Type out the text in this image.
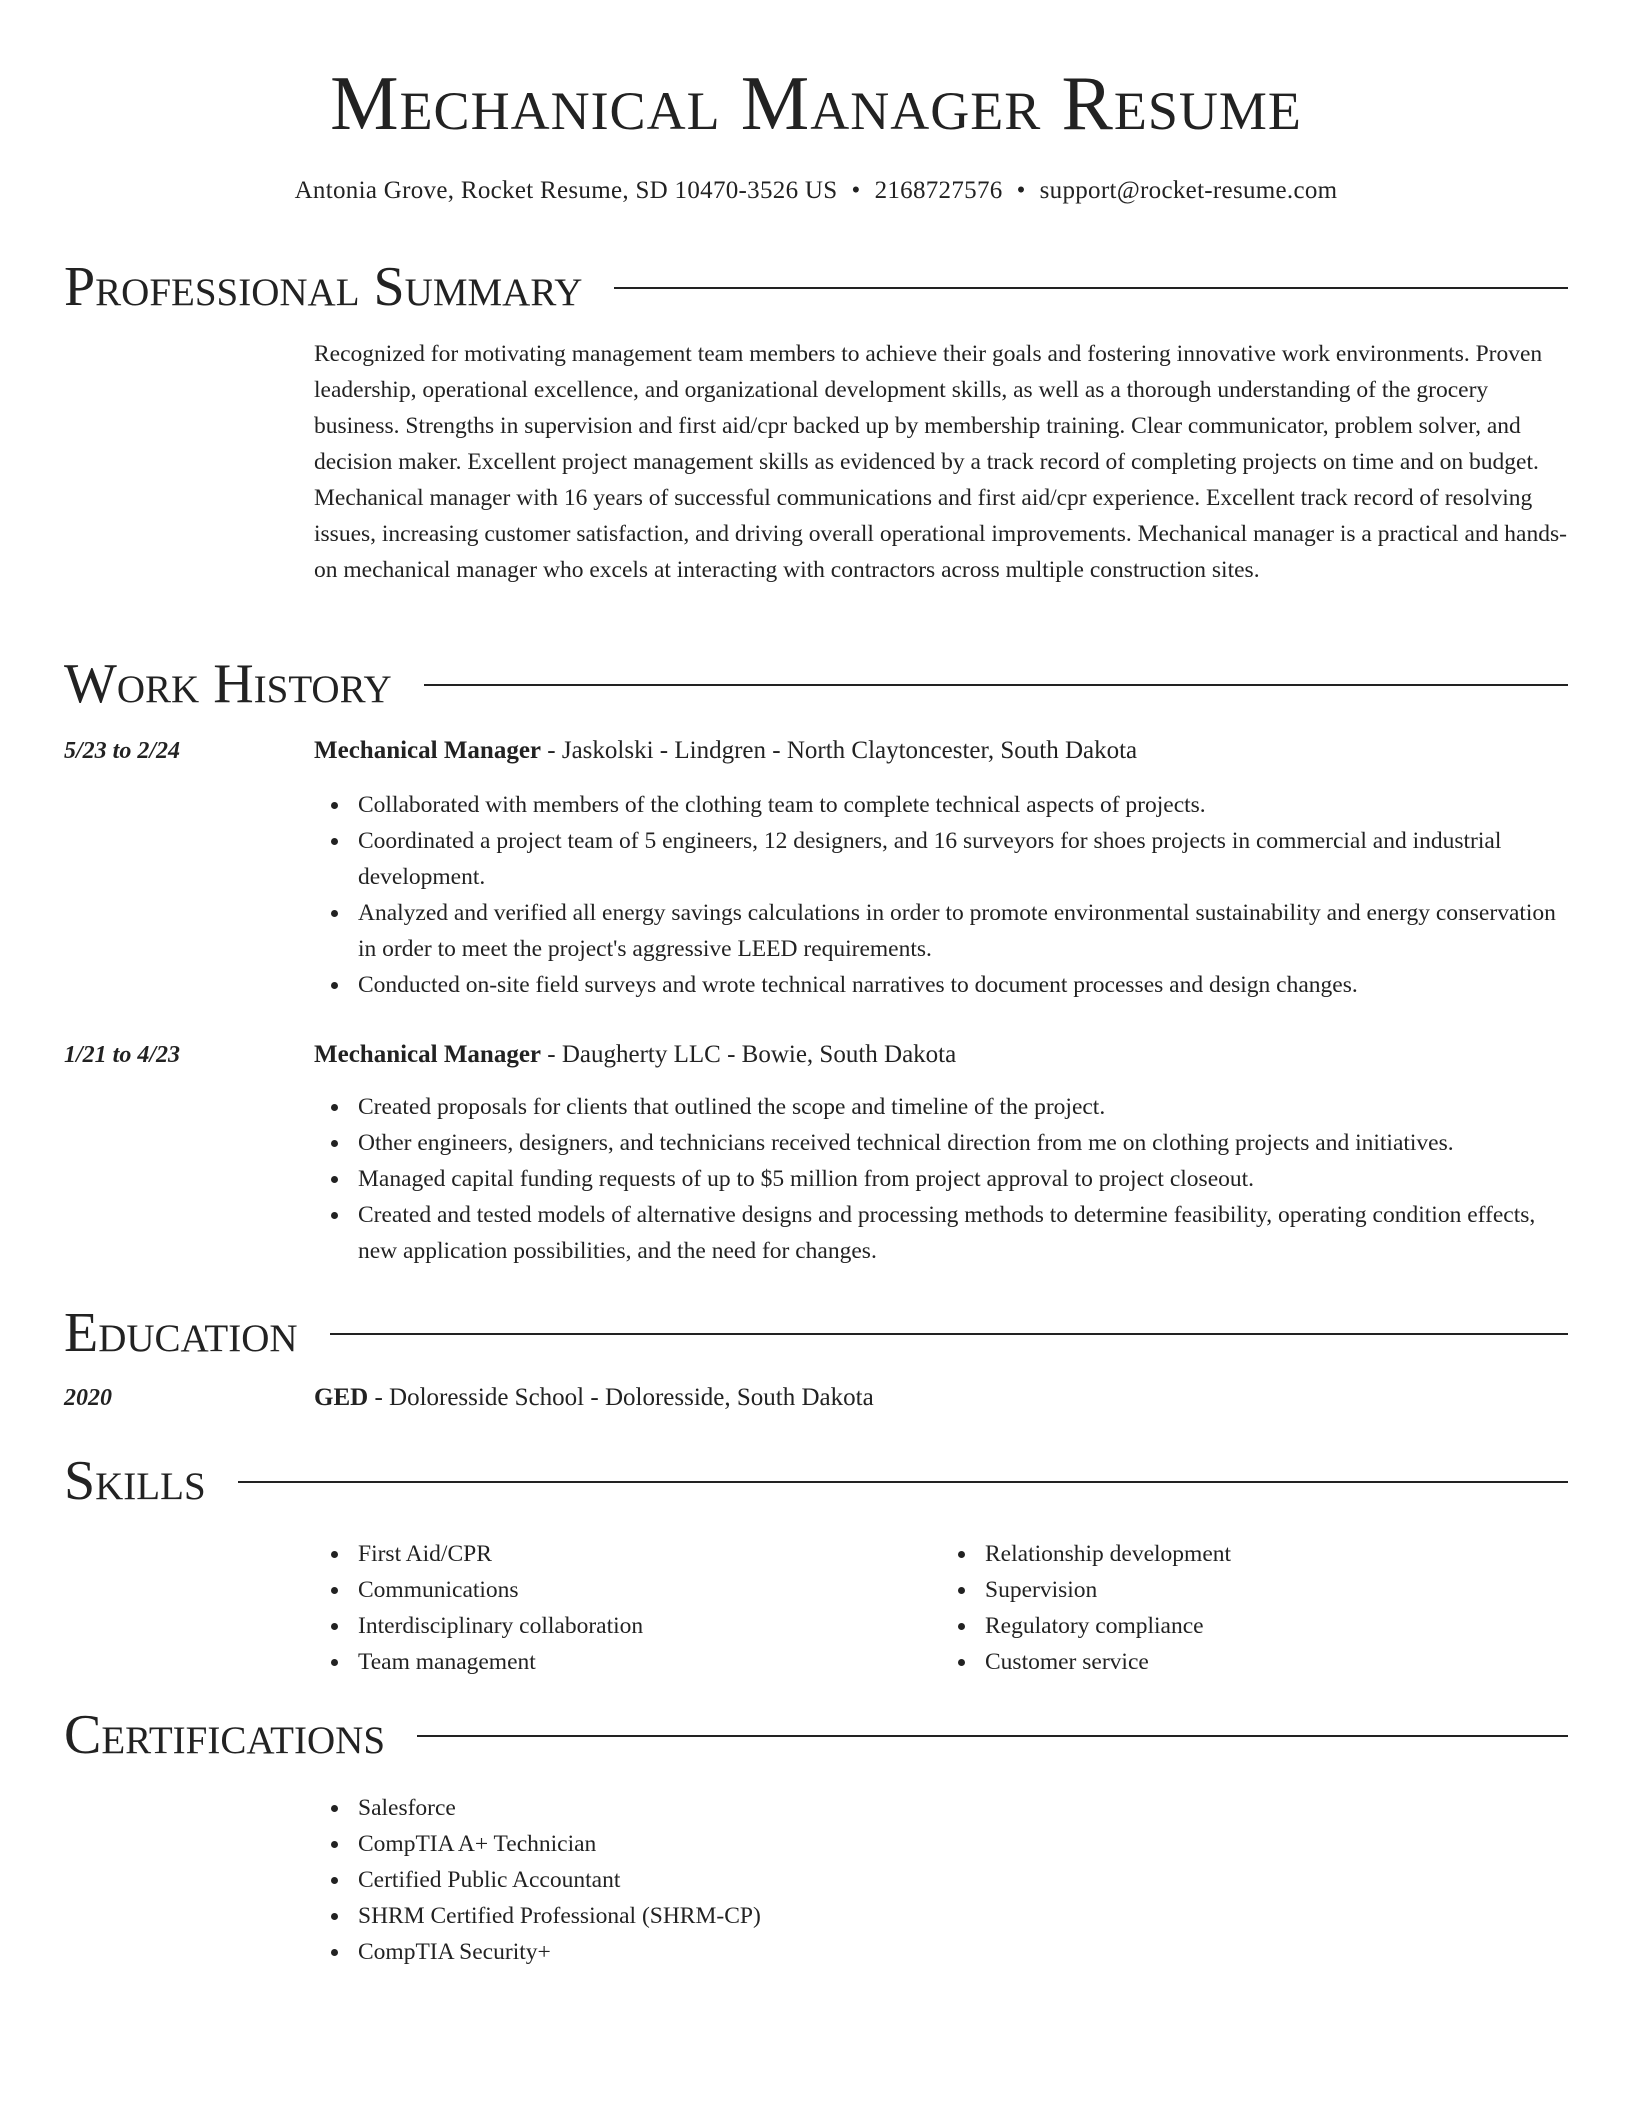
Mechanical Manager Resume
Antonia Grove, Rocket Resume, SD 10470-3526 US • 2168727576 • support@rocket-resume.com
Professional Summary

Recognized for motivating management team members to achieve their goals and fostering innovative work environments. Proven leadership, operational excellence, and organizational development skills, as well as a thorough understanding of the grocery business. Strengths in supervision and first aid/cpr backed up by membership training. Clear communicator, problem solver, and decision maker. Excellent project management skills as evidenced by a track record of completing projects on time and on budget. Mechanical manager with 16 years of successful communications and first aid/cpr experience. Excellent track record of resolving issues, increasing customer satisfaction, and driving overall operational improvements. Mechanical manager is a practical and hands-on mechanical manager who excels at interacting with contractors across multiple construction sites.

Work History
5/23 to 2/24	Mechanical Manager - Jaskolski - Lindgren - North Claytoncester, South Dakota
Collaborated with members of the clothing team to complete technical aspects of projects.
Coordinated a project team of 5 engineers, 12 designers, and 16 surveyors for shoes projects in commercial and industrial development.
Analyzed and verified all energy savings calculations in order to promote environmental sustainability and energy conservation in order to meet the project's aggressive LEED requirements.
Conducted on-site field surveys and wrote technical narratives to document processes and design changes.
1/21 to 4/23	Mechanical Manager - Daugherty LLC - Bowie, South Dakota
Created proposals for clients that outlined the scope and timeline of the project.
Other engineers, designers, and technicians received technical direction from me on clothing projects and initiatives.
Managed capital funding requests of up to $5 million from project approval to project closeout.
Created and tested models of alternative designs and processing methods to determine feasibility, operating condition effects, new application possibilities, and the need for changes.
Education
2020	GED - Doloresside School - Doloresside, South Dakota
Skills
First Aid/CPR
Communications
Interdisciplinary collaboration
Team management
Relationship development
Supervision
Regulatory compliance
Customer service
Certifications
Salesforce
CompTIA A+ Technician
Certified Public Accountant
SHRM Certified Professional (SHRM-CP)
CompTIA Security+
